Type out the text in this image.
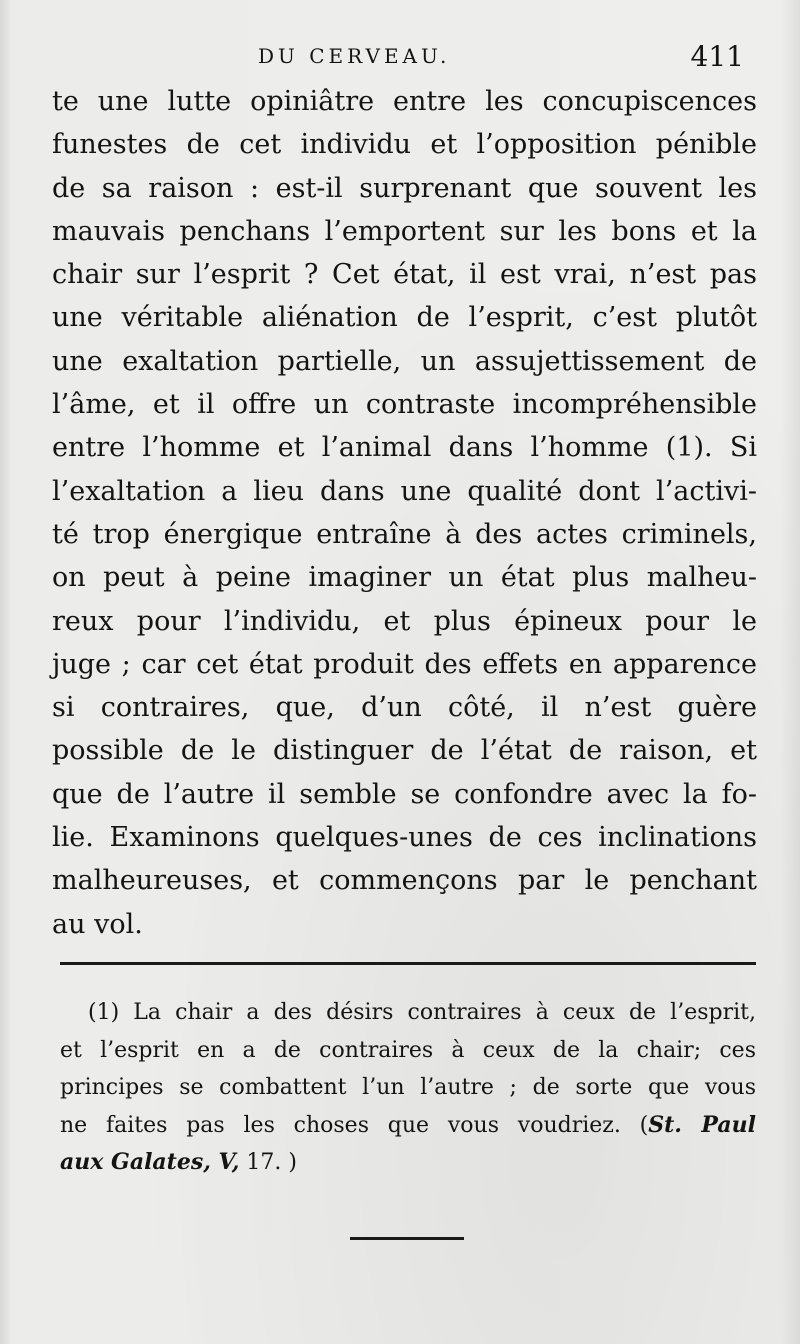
DU CERVEAU.	411
te une lutte opiniâtre entre les concupiscences
funestes de cet individu et l’opposition pénible
de sa raison : est-il surprenant que souvent les
mauvais penchans l’emportent sur les bons et la
chair sur l’esprit ? Cet état, il est vrai, n’est pas
une véritable aliénation de l’esprit, c’est plutôt
une exaltation partielle, un assujettissement de
l’âme, et il offre un contraste incompréhensible
entre l’homme et l’animal dans l’homme (1). Si
l’exaltation a lieu dans une qualité dont l’activi-
té trop énergique entraîne à des actes criminels,
on peut à peine imaginer un état plus malheu-
reux pour l’individu, et plus épineux pour le
juge ; car cet état produit des effets en apparence
si contraires, que, d’un côté, il n’est guère
possible de le distinguer de l’état de raison, et
que de l’autre il semble se confondre avec la fo-
lie. Examinons quelques-unes de ces inclinations
malheureuses, et commençons par le penchant
au vol.
(1) La chair a des désirs contraires à ceux de l’esprit,
et l’esprit en a de contraires à ceux de la chair; ces
principes se combattent l’un l’autre ; de sorte que vous
ne faites pas les choses que vous voudriez. (St. Paul
aux Galates, V, 17. )
